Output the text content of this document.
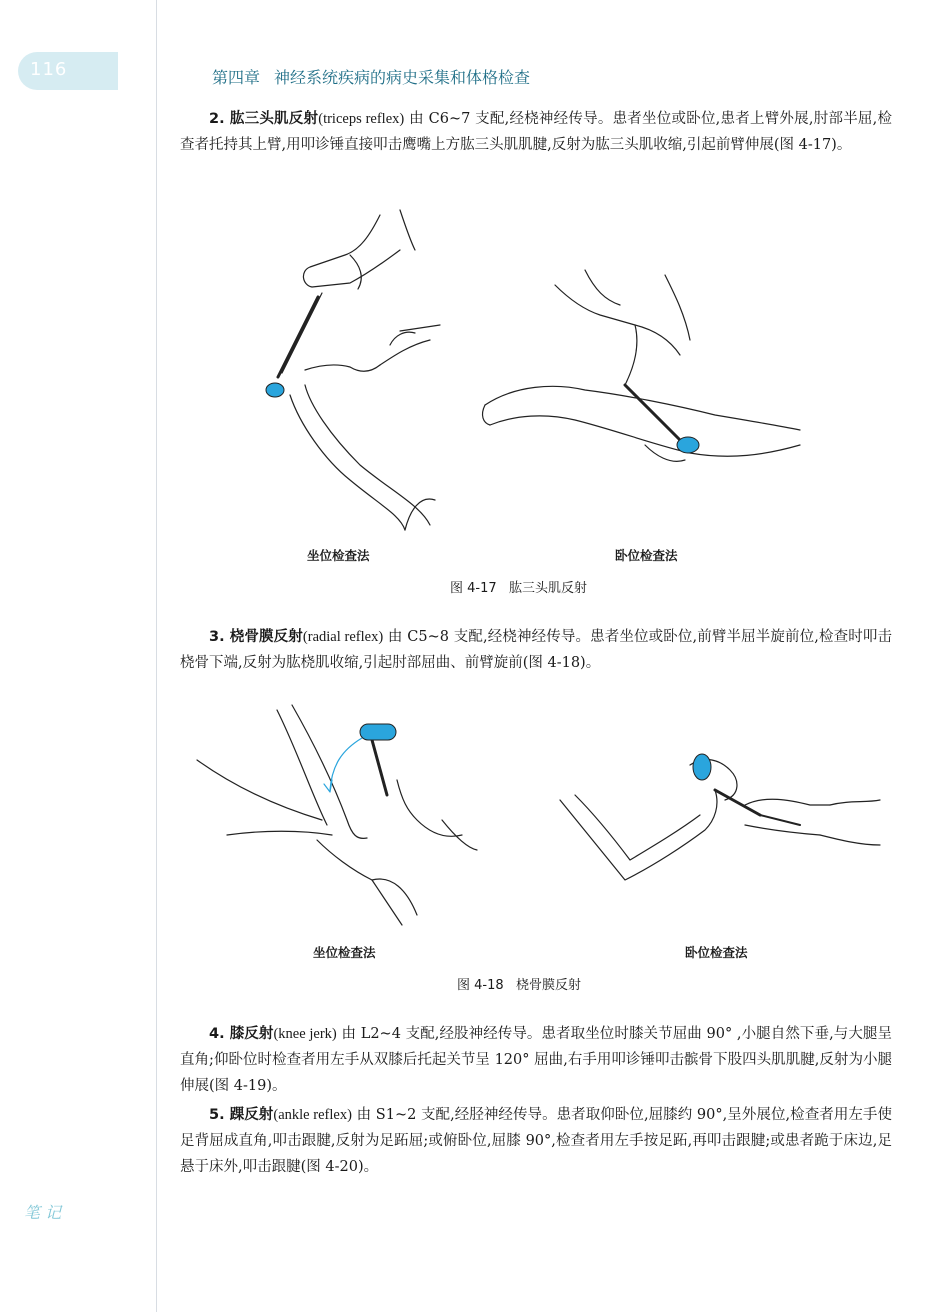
116	第四章 神经系统疾病的病史采集和体格检查
2. 肱三头肌反射(triceps reflex) 由 C6~7 支配,经桡神经传导。患者坐位或卧位,患者上臂外展,肘部半屈,检查者托持其上臂,用叩诊锤直接叩击鹰嘴上方肱三头肌肌腱,反射为肱三头肌收缩,引起前臂伸展(图 4-17)。
坐位检查法	卧位检查法
图 4-17 肱三头肌反射
3. 桡骨膜反射(radial reflex) 由 C5~8 支配,经桡神经传导。患者坐位或卧位,前臂半屈半旋前位,检查时叩击桡骨下端,反射为肱桡肌收缩,引起肘部屈曲、前臂旋前(图 4-18)。
坐位检查法	卧位检查法
图 4-18 桡骨膜反射
4. 膝反射(knee jerk) 由 L2~4 支配,经股神经传导。患者取坐位时膝关节屈曲 90° ,小腿自然下垂,与大腿呈直角;仰卧位时检查者用左手从双膝后托起关节呈 120° 屈曲,右手用叩诊锤叩击髌骨下股四头肌肌腱,反射为小腿伸展(图 4-19)。
5. 踝反射(ankle reflex) 由 S1~2 支配,经胫神经传导。患者取仰卧位,屈膝约 90°,呈外展位,检查者用左手使足背屈成直角,叩击跟腱,反射为足跖屈;或俯卧位,屈膝 90°,检查者用左手按足跖,再叩击跟腱;或患者跪于床边,足悬于床外,叩击跟腱(图 4-20)。
笔 记
